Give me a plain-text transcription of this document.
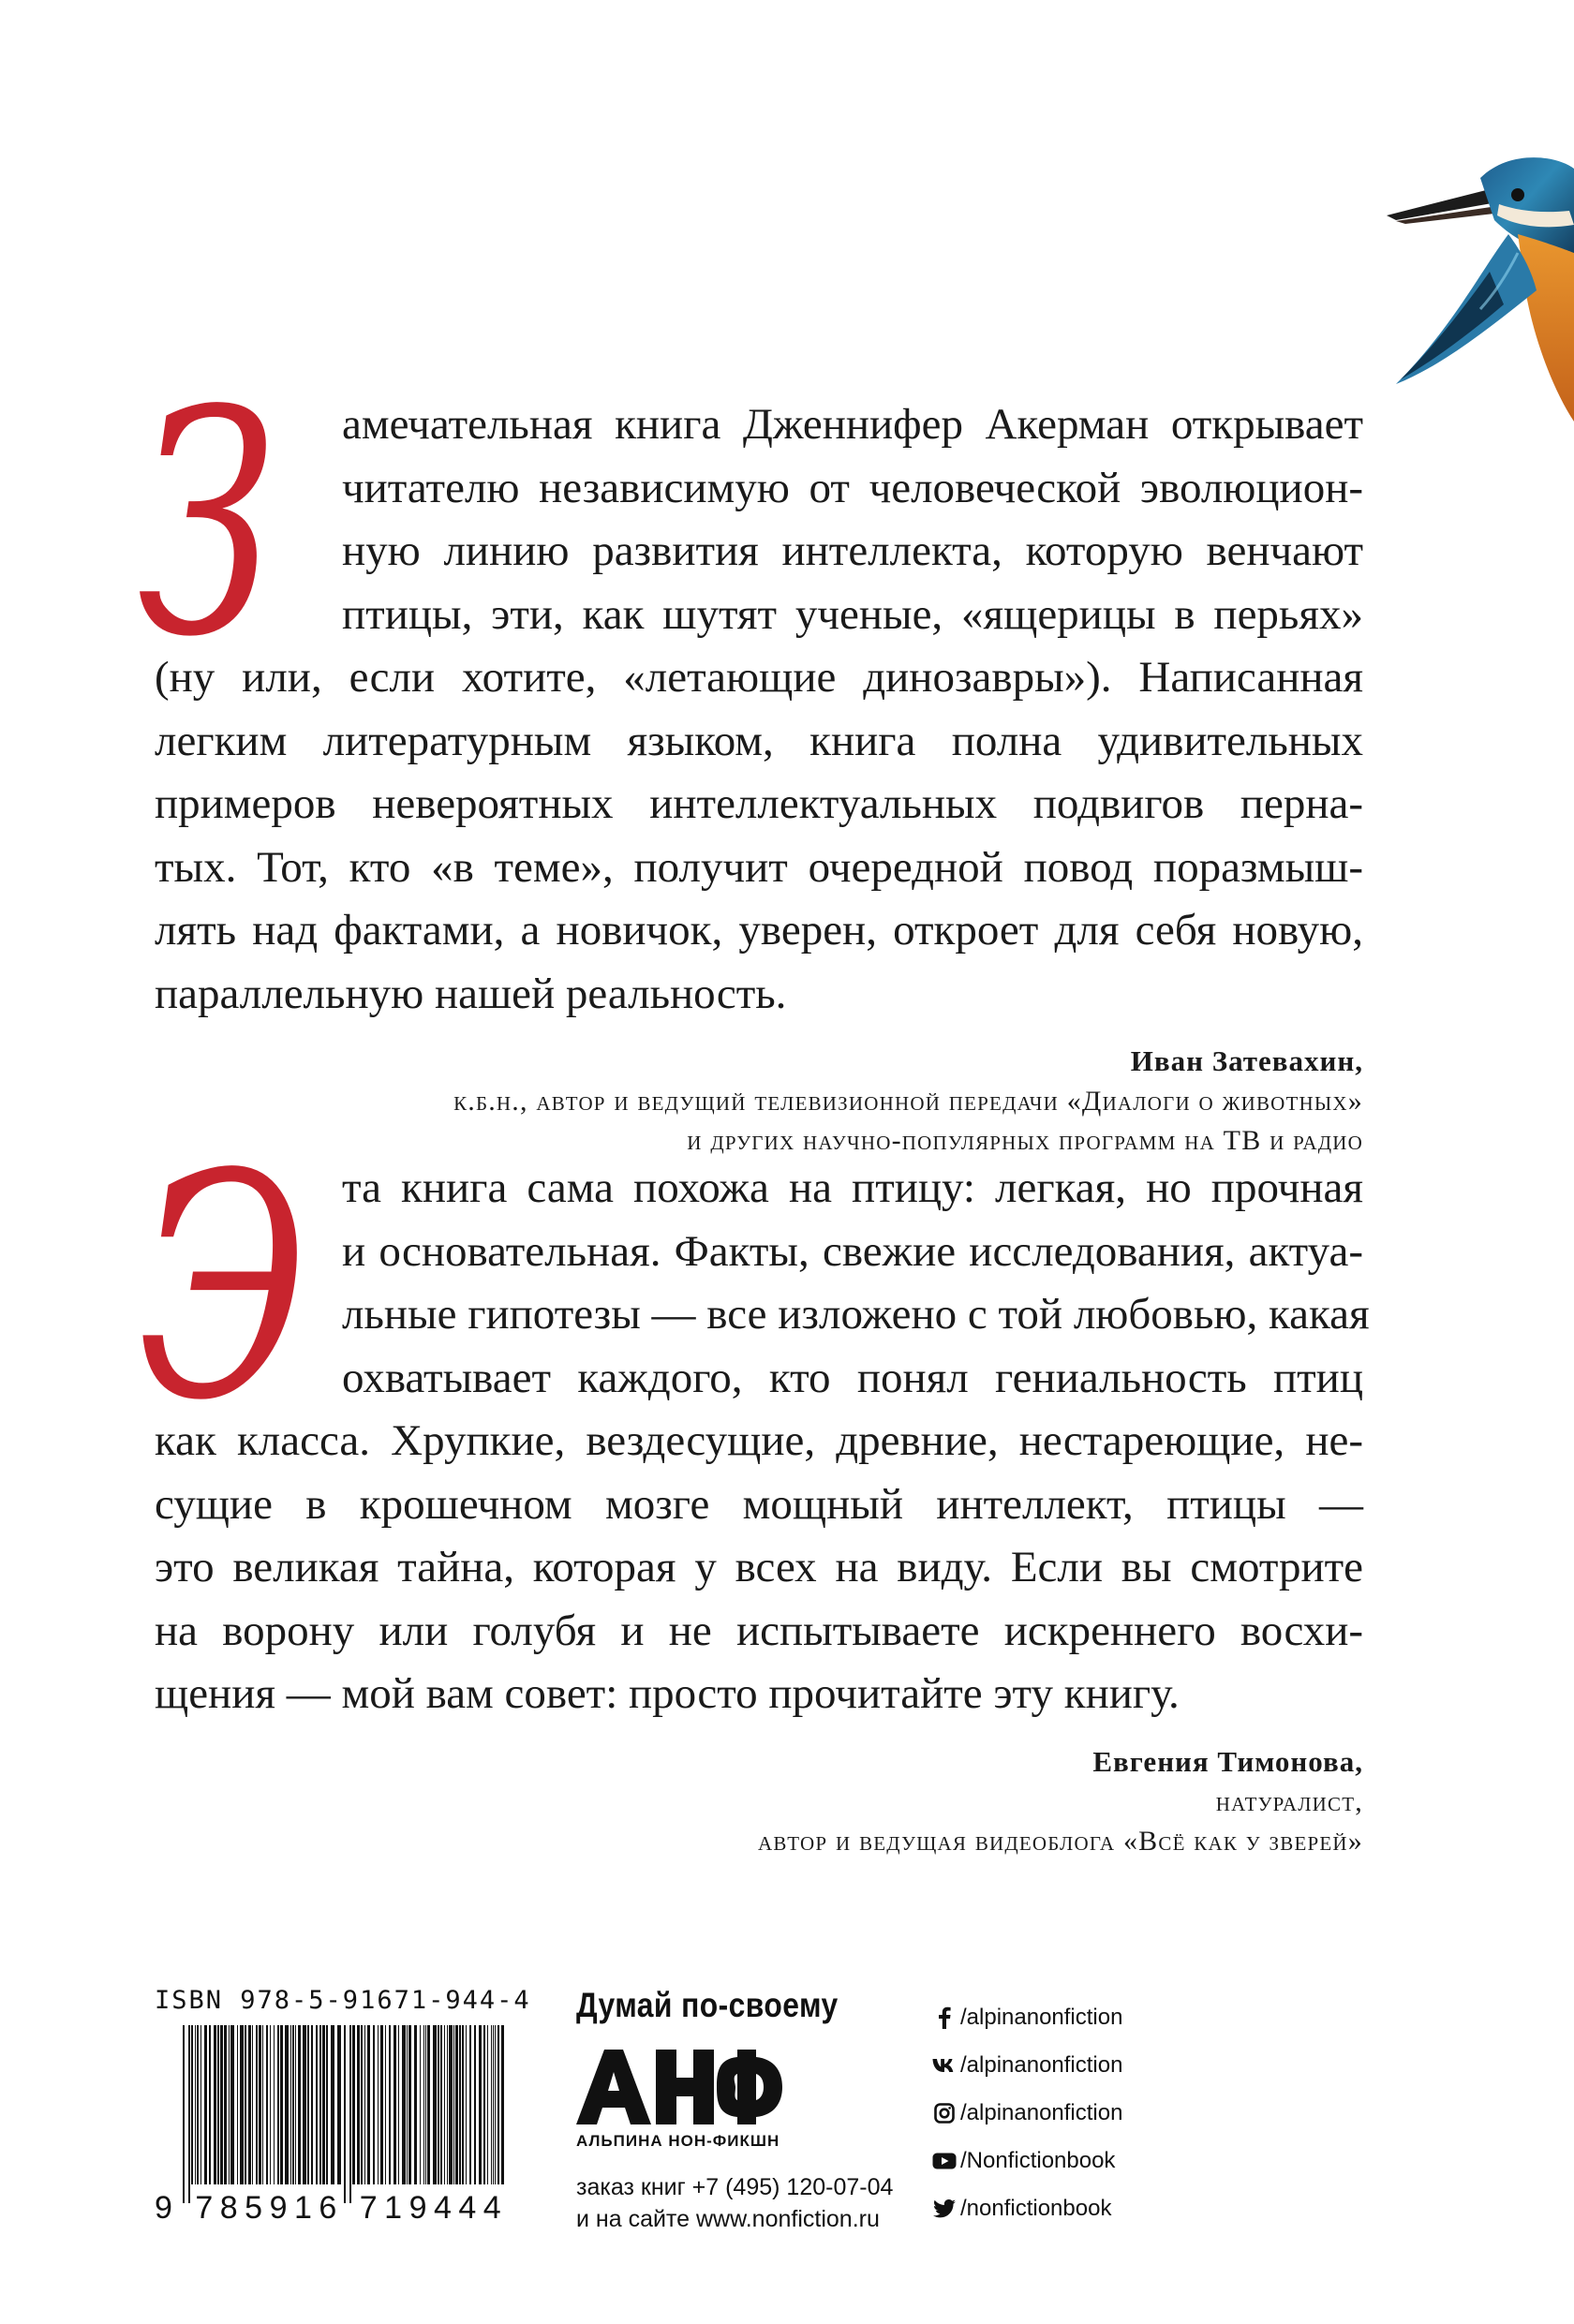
З	амечательная книга Дженнифер Акерман открывает
читателю независимую от человеческой эволюцион-
ную линию развития интеллекта, которую венчают
птицы, эти, как шутят ученые, «ящерицы в перьях»
(ну или, если хотите, «летающие динозавры»). Написанная
легким литературным языком, книга полна удивительных
примеров невероятных интеллектуальных подвигов перна-
тых. Тот, кто «в теме», получит очередной повод поразмыш-
лять над фактами, а новичок, уверен, откроет для себя новую,
параллельную нашей реальность.

Иван Затевахин,
к.б.н., автор и ведущий телевизионной передачи «Диалоги о животных»
и других научно-популярных программ на ТВ и радио
Э та книга сама похожа на птицу: легкая, но прочная
и основательная. Факты, свежие исследования, актуа-
льные гипотезы — все изложено с той любовью, какая
охватывает каждого, кто понял гениальность птиц
как класса. Хрупкие, вездесущие, древние, нестареющие, не-
сущие в крошечном мозге мощный интеллект, птицы —
это великая тайна, которая у всех на виду. Если вы смотрите
на ворону или голубя и не испытываете искреннего восхи-
щения — мой вам совет: просто прочитайте эту книгу.

Евгения Тимонова,
натуралист,
автор и ведущая видеоблога «Всё как у зверей»
ISBN 978-5-91671-944-4
9 785916 719444
Думай по-своему
АЛЬПИНА НОН-ФИКШН
заказ книг +7 (495) 120-07-04
и на сайте www.nonfiction.ru
/alpinanonfiction
/alpinanonfiction
/alpinanonfiction
/Nonfictionbook
/nonfictionbook
